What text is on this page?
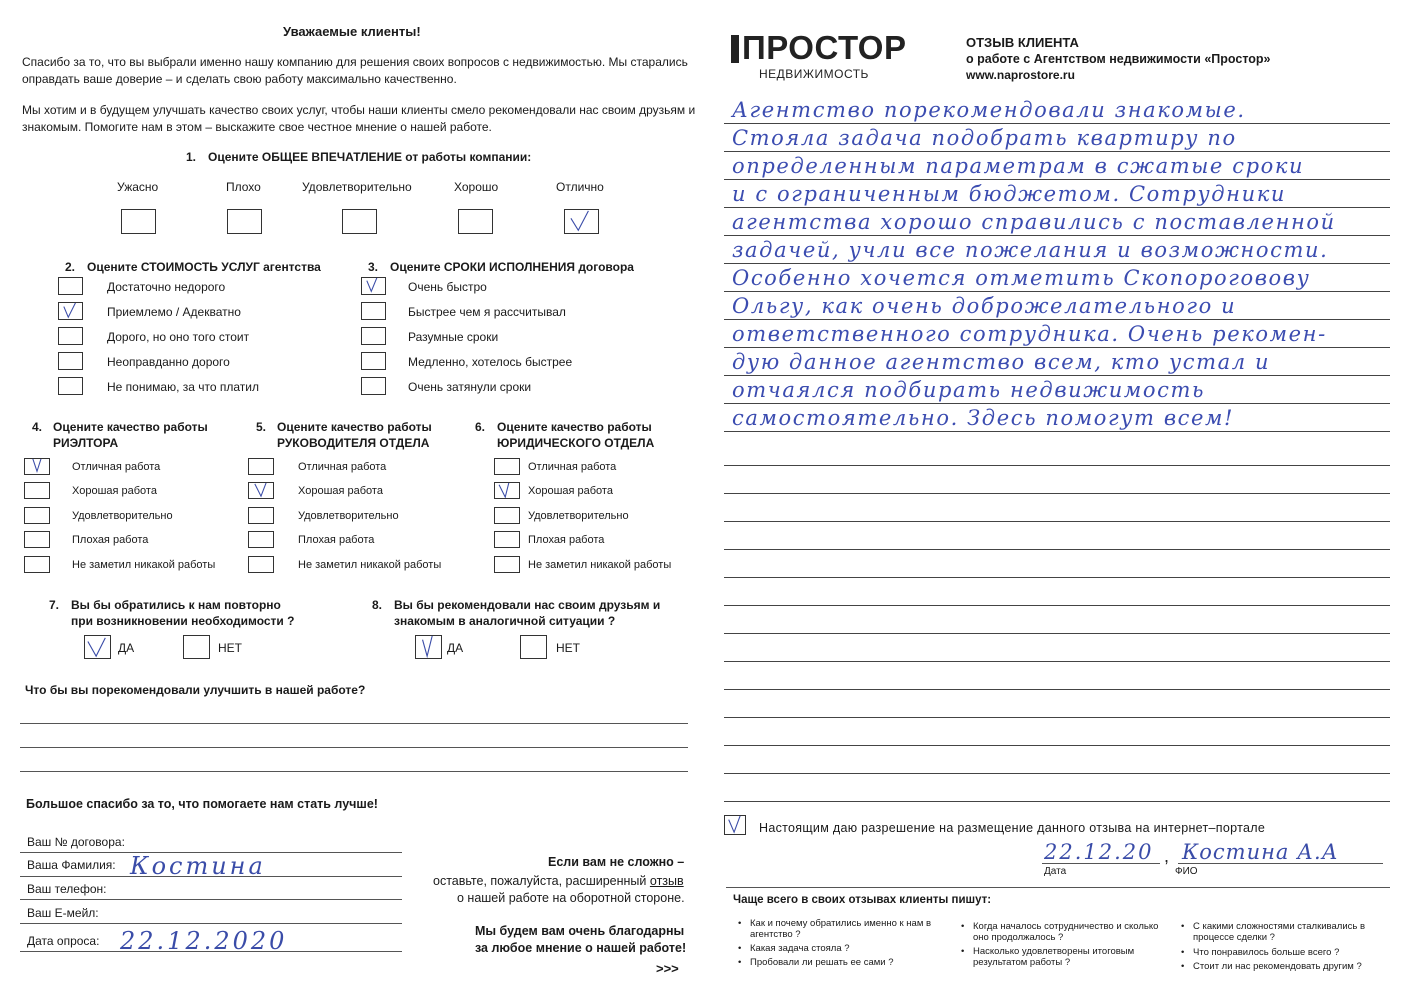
Уважаемые клиенты!
Спасибо за то, что вы выбрали именно нашу компанию для решения своих вопросов с недвижимостью. Мы старались
оправдать ваше доверие – и сделать свою работу максимально качественно.
Мы хотим и в будущем улучшать качество своих услуг, чтобы наши клиенты смело рекомендовали нас своим друзьям и
знакомым. Помогите нам в этом – выскажите свое честное мнение о нашей работе.
1. Оцените ОБЩЕЕ ВПЕЧАТЛЕНИЕ от работы компании:
Ужасно	Плохо	Удовлетворительно	Хорошо	Отлично
2. Оцените СТОИМОСТЬ УСЛУГ агентства
Достаточно недорого
Приемлемо / Адекватно
Дорого, но оно того стоит
Неоправданно дорого
Не понимаю, за что платил
3. Оцените СРОКИ ИСПОЛНЕНИЯ договора
Очень быстро
Быстрее чем я рассчитывал
Разумные сроки
Медленно, хотелось быстрее
Очень затянули сроки
4. Оцените качество работы
РИЭЛТОРА
5. Оцените качество работы
РУКОВОДИТЕЛЯ ОТДЕЛА
6. Оцените качество работы
ЮРИДИЧЕСКОГО ОТДЕЛА
Отличная работа
Хорошая работа
Удовлетворительно
Плохая работа
Не заметил никакой работы
Отличная работа
Хорошая работа
Удовлетворительно
Плохая работа
Не заметил никакой работы
Отличная работа
Хорошая работа
Удовлетворительно
Плохая работа
Не заметил никакой работы
7. Вы бы обратились к нам повторно
при возникновении необходимости ?
ДА	НЕТ
8. Вы бы рекомендовали нас своим друзьям и
знакомым в аналогичной ситуации ?
ДА	НЕТ
Что бы вы порекомендовали улучшить в нашей работе?
Большое спасибо за то, что помогаете нам стать лучше!
Ваш № договора:
Ваша Фамилия: Костина
Ваш телефон:
Ваш Е-мейл:
Дата опроса: 22.12.2020
Если вам не сложно –
оставьте, пожалуйста, расширенный отзыв
о нашей работе на оборотной стороне.
Мы будем вам очень благодарны
за любое мнение о нашей работе!
>>>
ПРОСТОР
НЕДВИЖИМОСТЬ
ОТЗЫВ КЛИЕНТА
о работе с Агентством недвижимости «Простор»
www.naprostore.ru
Агентство порекомендовали знакомые.
Стояла задача подобрать квартиру по
определенным параметрам в сжатые сроки
и с ограниченным бюджетом. Сотрудники
агентства хорошо справились с поставленной
задачей, учли все пожелания и возможности.
Особенно хочется отметить Скопороговову
Ольгу, как очень доброжелательного и
ответственного сотрудника. Очень рекомен-
дую данное агентство всем, кто устал и
отчаялся подбирать недвижимость
самостоятельно. Здесь помогут всем!
Настоящим даю разрешение на размещение данного отзыва на интернет–портале
22.12.20 , Костина А.А
Дата	ФИО
Чаще всего в своих отзывах клиенты пишут:
• Как и почему обратились именно к нам в агентство ?
• Какая задача стояла ?
• Пробовали ли решать ее сами ?
• Когда началось сотрудничество и сколько оно продолжалось ?
• Насколько удовлетворены итоговым результатом работы ?
• С какими сложностями сталкивались в процессе сделки ?
• Что понравилось больше всего ?
• Стоит ли нас рекомендовать другим ?
